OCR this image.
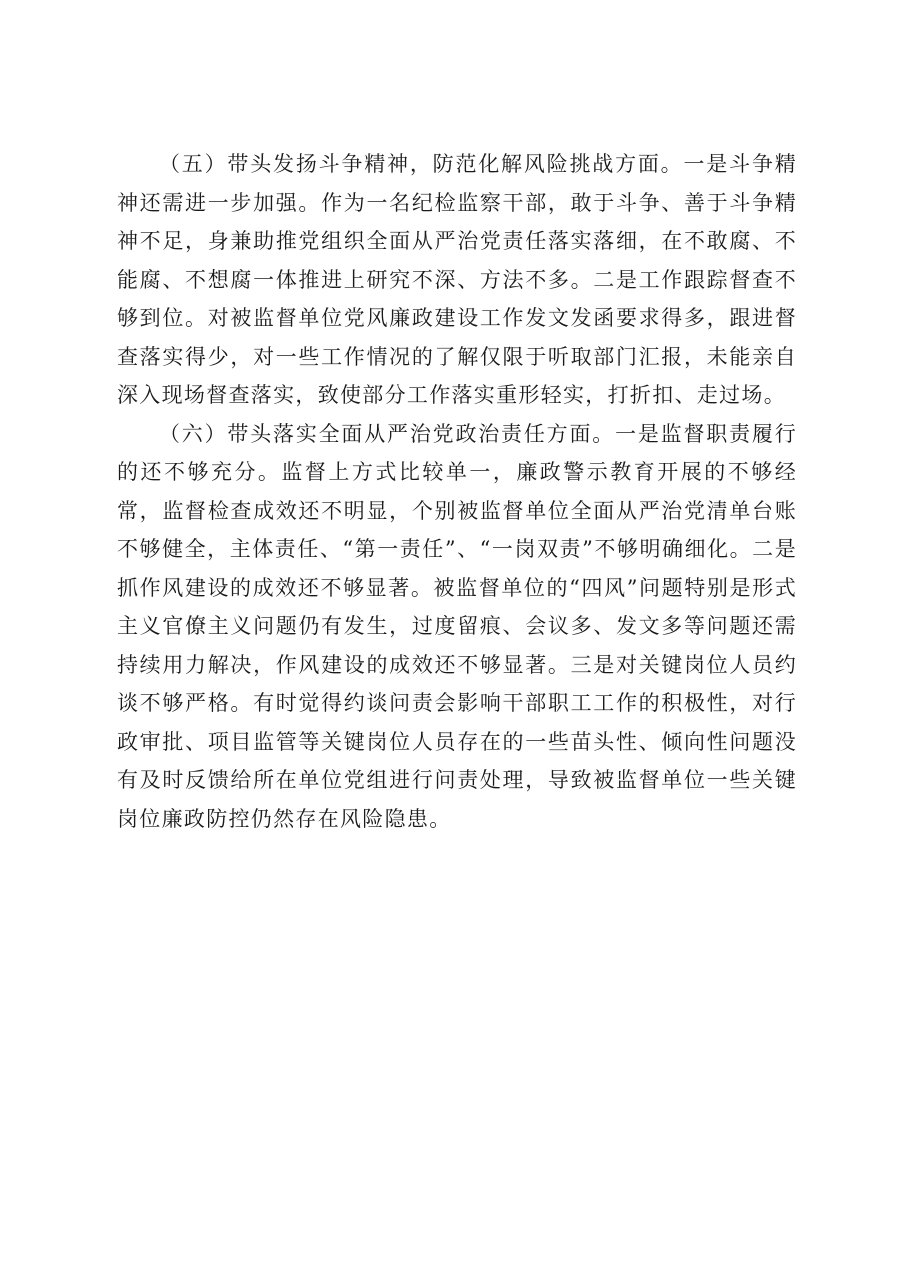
（五）带头发扬斗争精神，防范化解风险挑战方面。一是斗争精神还需进一步加强。作为一名纪检监察干部，敢于斗争、善于斗争精神不足，身兼助推党组织全面从严治党责任落实落细，在不敢腐、不能腐、不想腐一体推进上研究不深、方法不多。二是工作跟踪督查不够到位。对被监督单位党风廉政建设工作发文发函要求得多，跟进督查落实得少，对一些工作情况的了解仅限于听取部门汇报，未能亲自深入现场督查落实，致使部分工作落实重形轻实，打折扣、走过场。

（六）带头落实全面从严治党政治责任方面。一是监督职责履行的还不够充分。监督上方式比较单一，廉政警示教育开展的不够经常，监督检查成效还不明显，个别被监督单位全面从严治党清单台账不够健全，主体责任、“第一责任”、“一岗双责”不够明确细化。二是抓作风建设的成效还不够显著。被监督单位的“四风”问题特别是形式主义官僚主义问题仍有发生，过度留痕、会议多、发文多等问题还需持续用力解决，作风建设的成效还不够显著。三是对关键岗位人员约谈不够严格。有时觉得约谈问责会影响干部职工工作的积极性，对行政审批、项目监管等关键岗位人员存在的一些苗头性、倾向性问题没有及时反馈给所在单位党组进行问责处理，导致被监督单位一些关键岗位廉政防控仍然存在风险隐患。
